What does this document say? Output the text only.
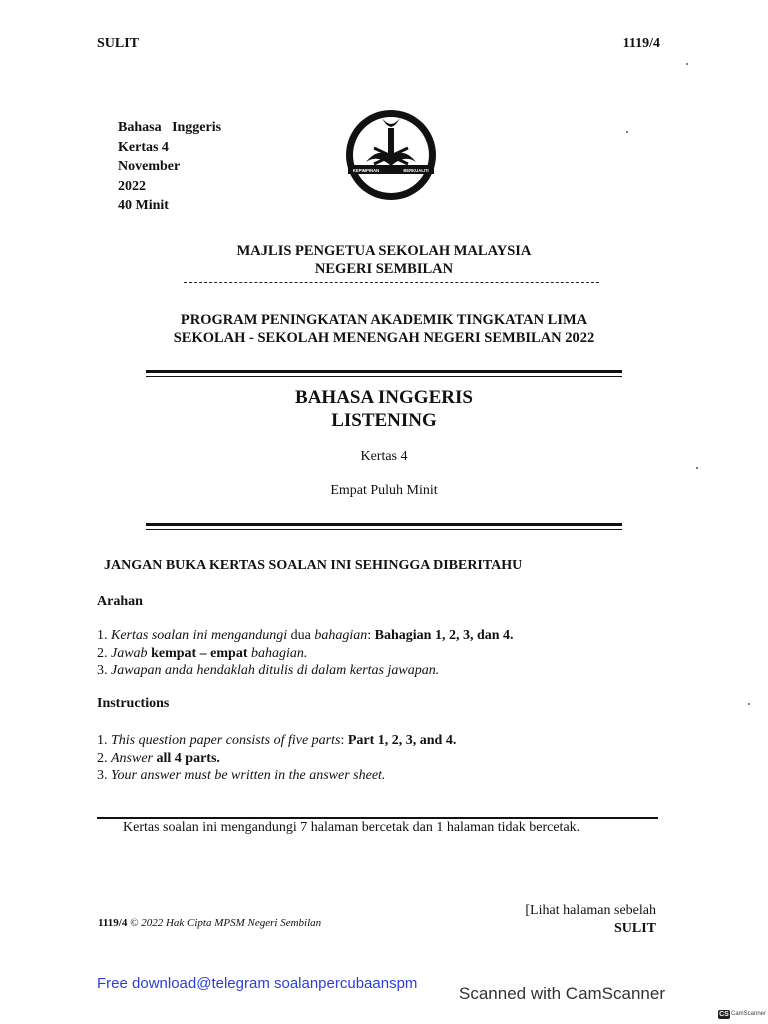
SULIT	1119/4
Bahasa   Inggeris
Kertas 4
November
2022
40 Minit
KEPIMPINAN	BERKUALITI
MPSM
MAJLIS PENGETUA SEKOLAH MALAYSIA
NEGERI SEMBILAN
PROGRAM PENINGKATAN AKADEMIK TINGKATAN LIMA
SEKOLAH - SEKOLAH MENENGAH NEGERI SEMBILAN 2022
BAHASA INGGERIS
LISTENING
Kertas 4
Empat Puluh Minit
JANGAN BUKA KERTAS SOALAN INI SEHINGGA DIBERITAHU
Arahan
1. Kertas soalan ini mengandungi dua bahagian: Bahagian 1, 2, 3, dan 4.
2. Jawab kempat – empat bahagian.
3. Jawapan anda hendaklah ditulis di dalam kertas jawapan.
Instructions
1. This question paper consists of five parts: Part 1, 2, 3, and 4.
2. Answer all 4 parts.
3. Your answer must be written in the answer sheet.
Kertas soalan ini mengandungi 7 halaman bercetak dan 1 halaman tidak bercetak.
1119/4 © 2022 Hak Cipta MPSM Negeri Sembilan
[Lihat halaman sebelah
SULIT
Free download@telegram soalanpercubaanspm
Scanned with CamScanner
CS CamScanner
